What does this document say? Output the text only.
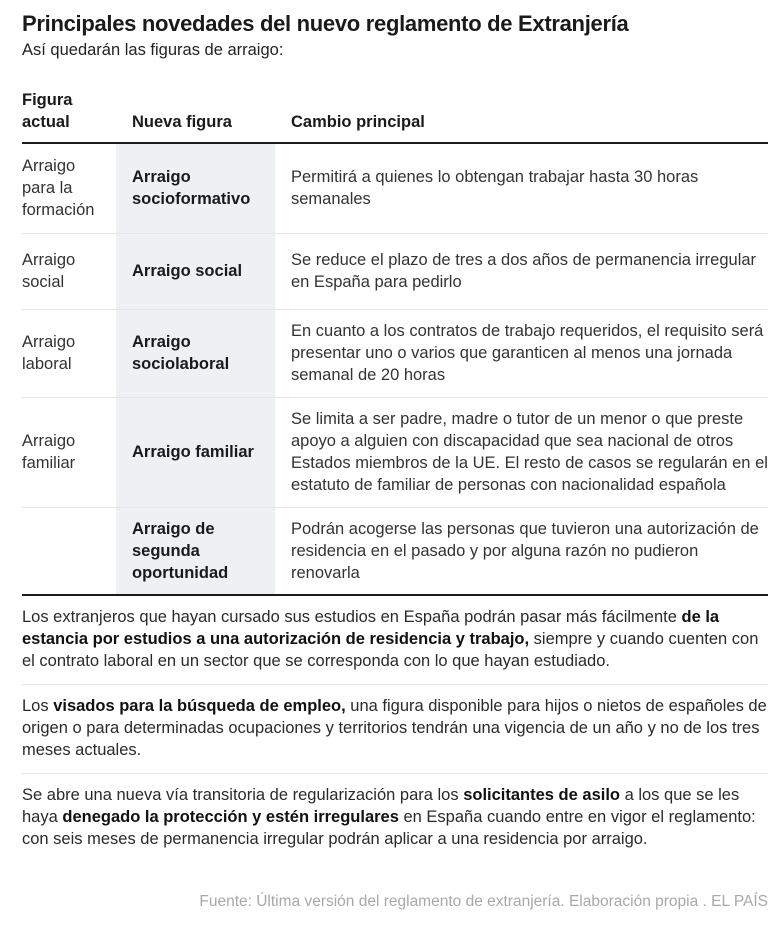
Principales novedades del nuevo reglamento de Extranjería
Así quedarán las figuras de arraigo:
Figura actual	Nueva figura	Cambio principal
Arraigo para la formación	Arraigo socioformativo	Permitirá a quienes lo obtengan trabajar hasta 30 horas semanales
Arraigo social	Arraigo social	Se reduce el plazo de tres a dos años de permanencia irregular en España para pedirlo
Arraigo laboral	Arraigo sociolaboral	En cuanto a los contratos de trabajo requeridos, el requisito será presentar uno o varios que garanticen al menos una jornada semanal de 20 horas
Arraigo familiar	Arraigo familiar	Se limita a ser padre, madre o tutor de un menor o que preste apoyo a alguien con discapacidad que sea nacional de otros Estados miembros de la UE. El resto de casos se regularán en el estatuto de familiar de personas con nacionalidad española
	Arraigo de segunda oportunidad	Podrán acogerse las personas que tuvieron una autorización de residencia en el pasado y por alguna razón no pudieron renovarla
Los extranjeros que hayan cursado sus estudios en España podrán pasar más fácilmente de la estancia por estudios a una autorización de residencia y trabajo, siempre y cuando cuenten con el contrato laboral en un sector que se corresponda con lo que hayan estudiado.
Los visados para la búsqueda de empleo, una figura disponible para hijos o nietos de españoles de origen o para determinadas ocupaciones y territorios tendrán una vigencia de un año y no de los tres meses actuales.
Se abre una nueva vía transitoria de regularización para los solicitantes de asilo a los que se les haya denegado la protección y estén irregulares en España cuando entre en vigor el reglamento: con seis meses de permanencia irregular podrán aplicar a una residencia por arraigo.
Fuente: Última versión del reglamento de extranjería. Elaboración propia . EL PAÍS
